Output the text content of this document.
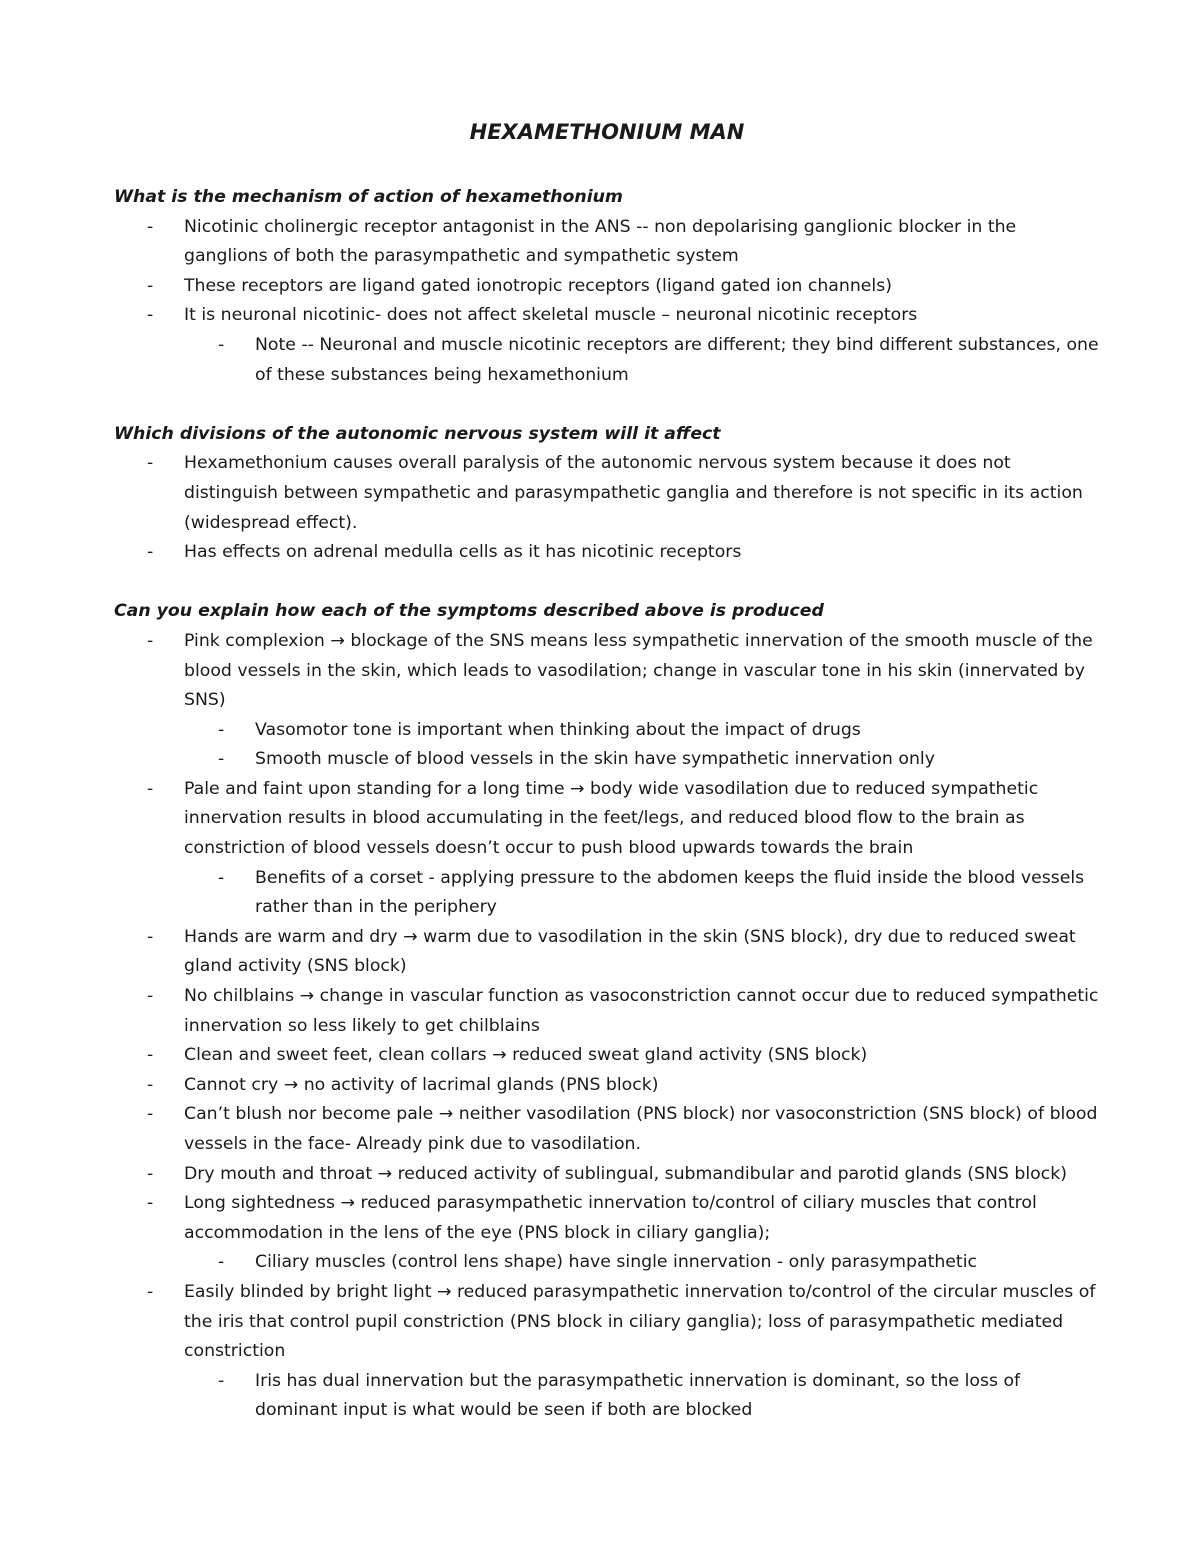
HEXAMETHONIUM MAN

What is the mechanism of action of hexamethonium

- Nicotinic cholinergic receptor antagonist in the ANS -- non depolarising ganglionic blocker in the ganglions of both the parasympathetic and sympathetic system
- These receptors are ligand gated ionotropic receptors (ligand gated ion channels)
- It is neuronal nicotinic- does not affect skeletal muscle – neuronal nicotinic receptors
- Note -- Neuronal and muscle nicotinic receptors are different; they bind different substances, one of these substances being hexamethonium

Which divisions of the autonomic nervous system will it affect

- Hexamethonium causes overall paralysis of the autonomic nervous system because it does not distinguish between sympathetic and parasympathetic ganglia and therefore is not specific in its action (widespread effect).
- Has effects on adrenal medulla cells as it has nicotinic receptors

Can you explain how each of the symptoms described above is produced

- Pink complexion → blockage of the SNS means less sympathetic innervation of the smooth muscle of the blood vessels in the skin, which leads to vasodilation; change in vascular tone in his skin (innervated by SNS)
- Vasomotor tone is important when thinking about the impact of drugs
- Smooth muscle of blood vessels in the skin have sympathetic innervation only
- Pale and faint upon standing for a long time → body wide vasodilation due to reduced sympathetic innervation results in blood accumulating in the feet/legs, and reduced blood flow to the brain as constriction of blood vessels doesn’t occur to push blood upwards towards the brain
- Benefits of a corset - applying pressure to the abdomen keeps the fluid inside the blood vessels rather than in the periphery
- Hands are warm and dry → warm due to vasodilation in the skin (SNS block), dry due to reduced sweat gland activity (SNS block)
- No chilblains → change in vascular function as vasoconstriction cannot occur due to reduced sympathetic innervation so less likely to get chilblains
- Clean and sweet feet, clean collars → reduced sweat gland activity (SNS block)
- Cannot cry → no activity of lacrimal glands (PNS block)
- Can’t blush nor become pale → neither vasodilation (PNS block) nor vasoconstriction (SNS block) of blood vessels in the face- Already pink due to vasodilation.
- Dry mouth and throat → reduced activity of sublingual, submandibular and parotid glands (SNS block)
- Long sightedness → reduced parasympathetic innervation to/control of ciliary muscles that control accommodation in the lens of the eye (PNS block in ciliary ganglia);
- Ciliary muscles (control lens shape) have single innervation - only parasympathetic
- Easily blinded by bright light → reduced parasympathetic innervation to/control of the circular muscles of the iris that control pupil constriction (PNS block in ciliary ganglia); loss of parasympathetic mediated constriction
- Iris has dual innervation but the parasympathetic innervation is dominant, so the loss of dominant input is what would be seen if both are blocked
